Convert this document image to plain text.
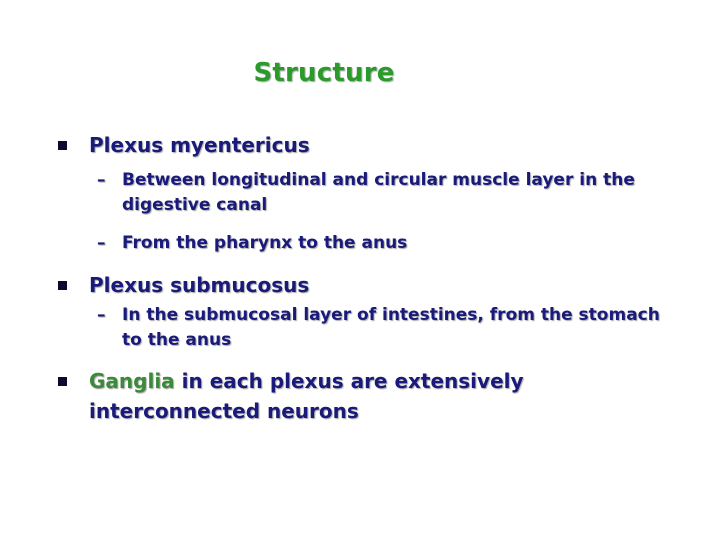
Structure
Plexus myentericus
– Between longitudinal and circular muscle layer in the digestive canal
– From the pharynx to the anus
Plexus submucosus
– In the submucosal layer of intestines, from the stomach to the anus
Ganglia in each plexus are extensively interconnected neurons
